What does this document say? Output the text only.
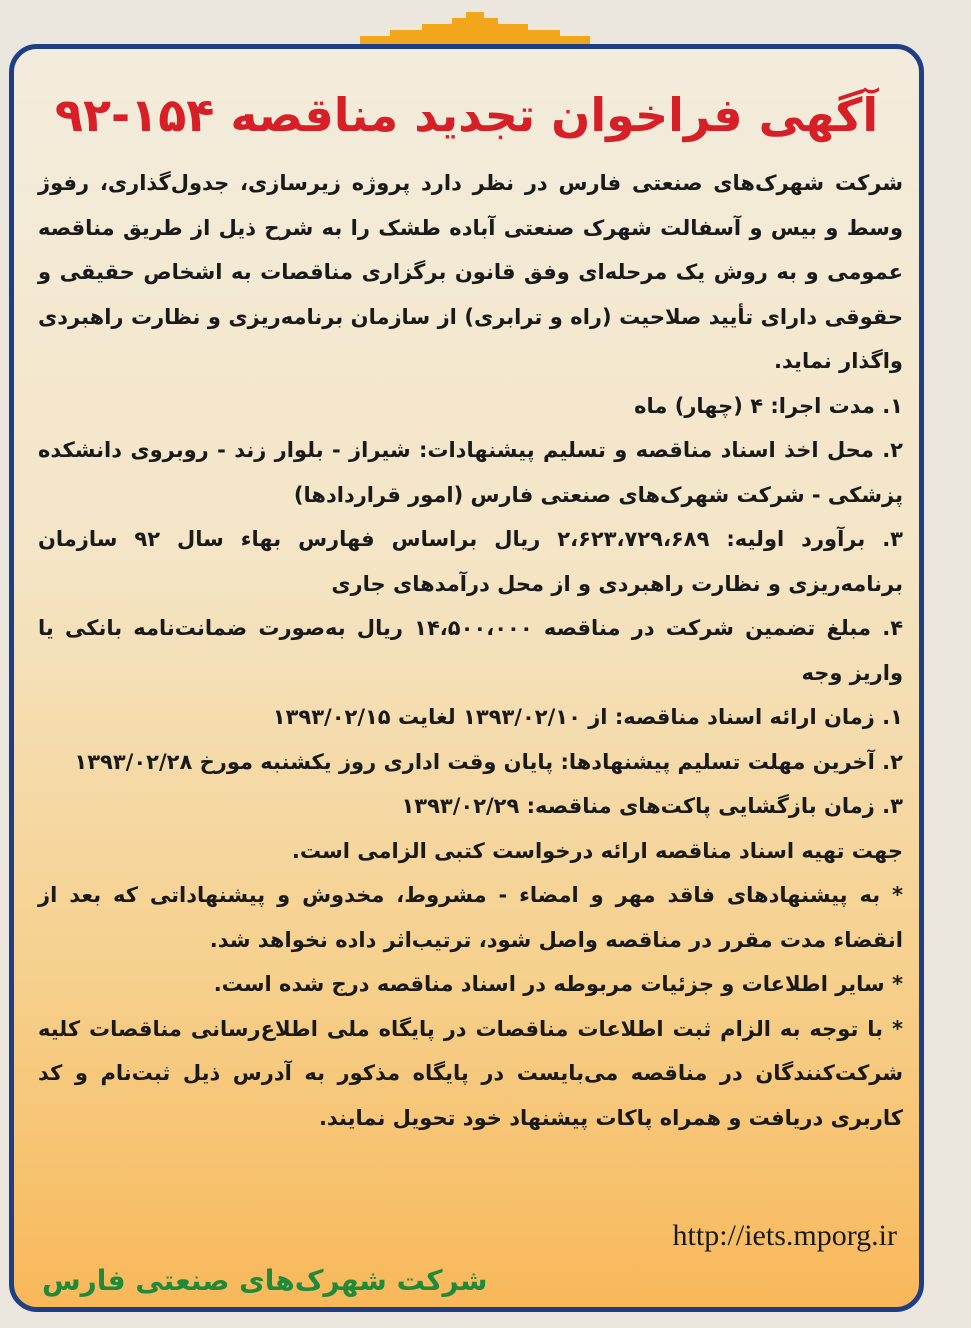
آگهی فراخوان تجدید مناقصه ۱۵۴-۹۲

شرکت شهرک‌های صنعتی فارس در نظر دارد پروژه زیرسازی، جدول‌گذاری، رفوژ وسط و بیس و آسفالت شهرک صنعتی آباده طشک را به شرح ذیل از طریق مناقصه عمومی و به روش یک مرحله‌ای وفق قانون برگزاری مناقصات به اشخاص حقیقی و حقوقی دارای تأیید صلاحیت (راه و ترابری) از سازمان برنامه‌ریزی و نظارت راهبردی واگذار نماید.

۱. مدت اجرا: ۴ (چهار) ماه

۲. محل اخذ اسناد مناقصه و تسلیم پیشنهادات: شیراز - بلوار زند - روبروی دانشکده پزشکی - شرکت شهرک‌های صنعتی فارس (امور قراردادها)

۳. برآورد اولیه: ۲،۶۲۳،۷۲۹،۶۸۹ ریال براساس فهارس بهاء سال ۹۲ سازمان برنامه‌ریزی و نظارت راهبردی و از محل درآمدهای جاری

۴. مبلغ تضمین شرکت در مناقصه ۱۴،۵۰۰،۰۰۰ ریال به‌صورت ضمانت‌نامه بانکی یا واریز وجه

۱. زمان ارائه اسناد مناقصه: از ۱۳۹۳/۰۲/۱۰ لغایت ۱۳۹۳/۰۲/۱۵

۲. آخرین مهلت تسلیم پیشنهادها: پایان وقت اداری روز یکشنبه مورخ ۱۳۹۳/۰۲/۲۸

۳. زمان بازگشایی پاکت‌های مناقصه: ۱۳۹۳/۰۲/۲۹

جهت تهیه اسناد مناقصه ارائه درخواست کتبی الزامی است.

* به پیشنهادهای فاقد مهر و امضاء - مشروط، مخدوش و پیشنهاداتی که بعد از انقضاء مدت مقرر در مناقصه واصل شود، ترتیب‌اثر داده نخواهد شد.

* سایر اطلاعات و جزئیات مربوطه در اسناد مناقصه درج شده است.

* با توجه به الزام ثبت اطلاعات مناقصات در پایگاه ملی اطلاع‌رسانی مناقصات کلیه شرکت‌کنندگان در مناقصه می‌بایست در پایگاه مذکور به آدرس ذیل ثبت‌نام و کد کاربری دریافت و همراه پاکات پیشنهاد خود تحویل نمایند.

http://iets.mporg.ir
شرکت شهرک‌های صنعتی فارس
